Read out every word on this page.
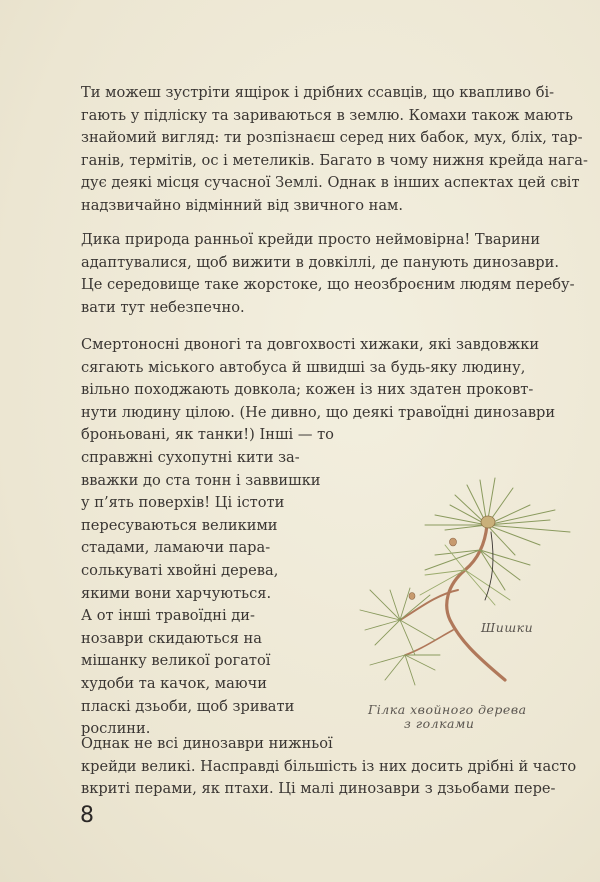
Ти можеш зустріти ящірок і дрібних ссавців, що квапливо бі-
гають у підліску та зариваються в землю. Комахи також мають
знайомий вигляд: ти розпізнаєш серед них бабок, мух, бліх, тар-
ганів, термітів, ос і метеликів. Багато в чому нижня крейда нага-
дує деякі місця сучасної Землі. Однак в інших аспектах цей світ
надзвичайно відмінний від звичного нам.

Дика природа ранньої крейди просто неймовірна! Тварини
адаптувалися, щоб вижити в довкіллі, де панують динозаври.
Це середовище таке жорстоке, що неозброєним людям перебу-
вати тут небезпечно.

Смертоносні двоногі та довгохвості хижаки, які завдовжки
сягають міського автобуса й швидші за будь-яку людину,
вільно походжають довкола; кожен із них здатен проковт-
нути людину цілою. (Не дивно, що деякі травоїдні динозаври
броньовані, як танки!) Інші — то
справжні сухопутні кити за-
вважки до ста тонн і заввишки
у п’ять поверхів! Ці істоти
пересуваються великими
стадами, ламаючи пара-
солькуваті хвойні дерева,
якими вони харчуються.
А от інші травоїдні ди-
нозаври скидаються на
мішанку великої рогатої
худоби та качок, маючи
пласкі дзьоби, щоб зривати
рослини.

Шишки
Гілка хвойного дерева
з голками

Однак не всі динозаври нижньої
крейди великі. Насправді більшість із них досить дрібні й часто
вкриті перами, як птахи. Ці малі динозаври з дзьобами пере-

8
